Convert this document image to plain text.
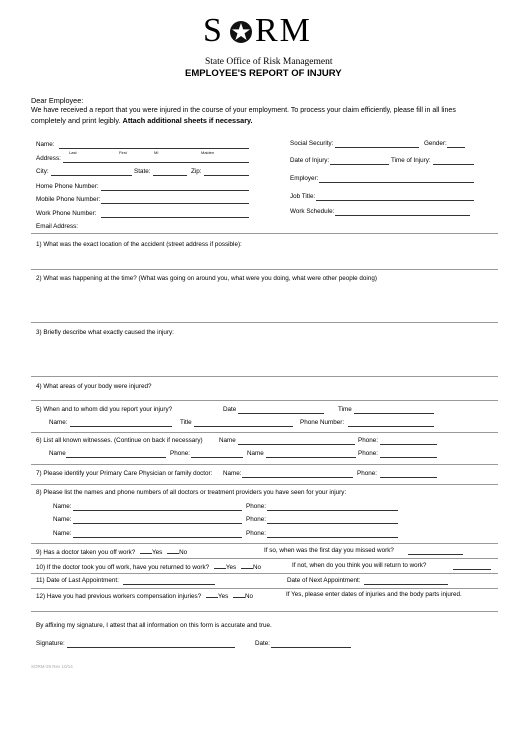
S RM
State Office of Risk Management
EMPLOYEE'S REPORT OF INJURY
Dear Employee:
We have received a report that you were injured in the course of your employment. To process your claim efficiently, please fill in all lines
completely and print legibly. Attach additional sheets if necessary.
Name:
Last	First	MI	Maiden
Address:
City:	State:	Zip:
Home Phone Number:
Mobile Phone Number:
Work Phone Number:
Email Address:
Social Security:	Gender:
Date of Injury:	Time of Injury:
Employer:
Job Title:
Work Schedule:
1) What was the exact location of the accident (street address if possible):
2) What was happening at the time? (What was going on around you, what were you doing, what were other people doing)
3) Briefly describe what exactly caused the injury:
4) What areas of your body were injured?
5) When and to whom did you report your injury?	Date	Time
Name:	Title	Phone Number:
6) List all known witnesses. (Continue on back if necessary)	Name	Phone:
Name	Phone:	Name	Phone:
7) Please identify your Primary Care Physician or family doctor: Name:	Phone:
8) Please list the names and phone numbers of all doctors or treatment providers you have seen for your injury:
Name:	Phone:
Name:	Phone:
Name:	Phone:
9) Has a doctor taken you off work?	Yes	No	If so, when was the first day you missed work?
10) If the doctor took you off work, have you returned to work?	Yes	No	If not, when do you think you will return to work?
11) Date of Last Appointment:	Date of Next Appointment:
12) Have you had previous workers compensation injuries?	Yes	No	If Yes, please enter dates of injuries and the body parts injured.
By affixing my signature, I attest that all information on this form is accurate and true.
Signature:	Date:
SORM-29 Rev 10/14
